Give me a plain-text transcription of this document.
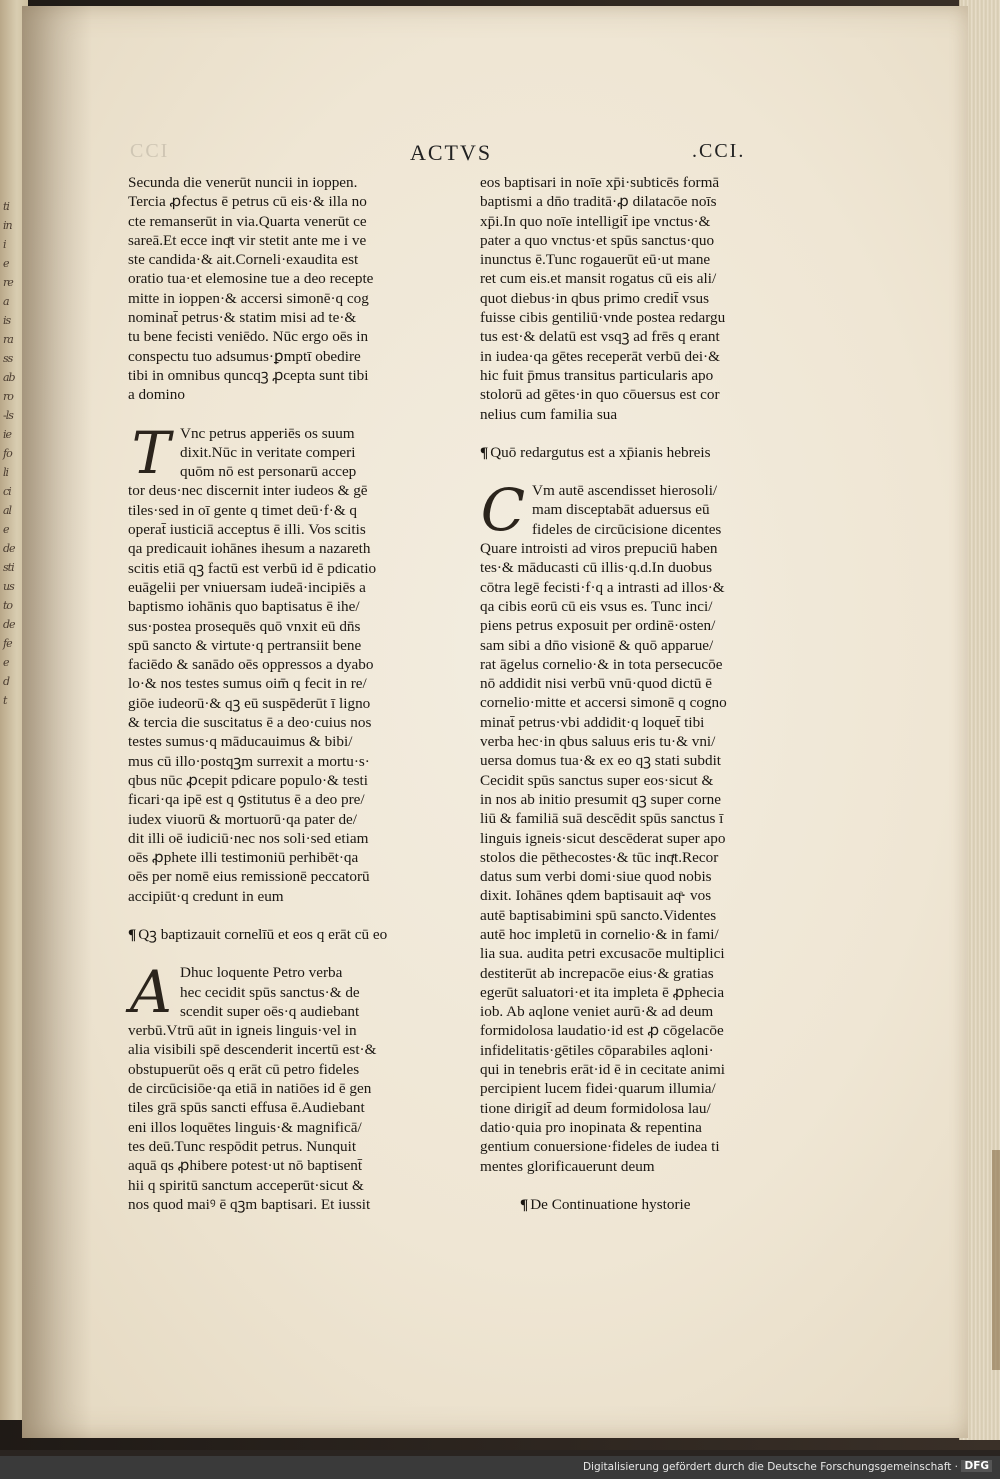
ti
in
i
e
re
a
is
ra
ss
ab
ro
-ls
ie
fo
li
ci
al
e
de
sti
us
to
de
fe
e
d
t
CCI	ACTVS	.CCI.
Secunda die venerūt nuncii in ioppen.
Tercia ꝓfectus ē petrus cū eis·& illa no
cte remanserūt in via.Quarta venerūt ce
sareā.Et ecce inqͬt vir stetit ante me i ve
ste candida·& ait.Corneli·exaudita est
oratio tua·et elemosine tue a deo recepte
mitte in ioppen·& accersi simonē·q cog
nominat̄ petrus·& statim misi ad te·&
tu bene fecisti veniēdo. Nūc ergo oēs in
conspectu tuo adsumus·ꝑmptī obedire
tibi in omnibus quncqꝫ ꝓcepta sunt tibi
a domino
T Vnc petrus apperiēs os suum
dixit.Nūc in veritate comperi
quōm nō est personarū accep
tor deus·nec discernit inter iudeos & gē
tiles·sed in oī gente q timet deū·f·& q
operat̄ iusticiā acceptus ē illi. Vos scitis
qa predicauit iohānes ihesum a nazareth
scitis etiā qꝫ factū est verbū id ē pdicatio
euāgelii per vniuersam iudeā·incipiēs a
baptismo iohānis quo baptisatus ē ihe/
sus·postea prosequēs quō vnxit eū dn̄s
spū sancto & virtute·q pertransiit bene
faciēdo & sanādo oēs oppressos a dyabo
lo·& nos testes sumus oim̄ q fecit in re/
giōe iudeorū·& qꝫ eū suspēderūt ī ligno
& tercia die suscitatus ē a deo·cuius nos
testes sumus·q māducauimus & bibi/
mus cū illo·postqꝫm surrexit a mortu·s·
qbus nūc ꝓcepit pdicare populo·& testi
ficari·qa ipē est q ꝯstitutus ē a deo pre/
iudex viuorū & mortuorū·qa pater de/
dit illi oē iudiciū·nec nos soli·sed etiam
oēs ꝓphete illi testimoniū perhibēt·qa
oēs per nomē eius remissionē peccatorū
accipiūt·q credunt in eum
¶ Qꝫ baptizauit cornelīū et eos q erāt cū eo
A Dhuc loquente Petro verba
hec cecidit spūs sanctus·& de
scendit super oēs·q audiebant
verbū.Vtrū aūt in igneis linguis·vel in
alia visibili spē descenderit incertū est·&
obstupuerūt oēs q erāt cū petro fideles
de circūcisiōe·qa etiā in natiōes id ē gen
tiles grā spūs sancti effusa ē.Audiebant
eni illos loquētes linguis·& magnificā/
tes deū.Tunc respōdit petrus. Nunquit
aquā qs ꝓhibere potest·ut nō baptisent̄
hii q spiritū sanctum acceperūt·sicut &
nos quod maiꝰ ē qꝫm baptisari. Et iussit
eos baptisari in noīe xp̄i·subticēs formā
baptismi a dn̄o traditā·ꝓ dilatacōe noīs
xp̄i.In quo noīe intelligit̄ ipe vnctus·&
pater a quo vnctus·et spūs sanctus·quo
inunctus ē.Tunc rogauerūt eū·ut mane
ret cum eis.et mansit rogatus cū eis ali/
quot diebus·in qbus primo credit̄ vsus
fuisse cibis gentiliū·vnde postea redargu
tus est·& delatū est vsqꝫ ad frēs q erant
in iudea·qa gētes receperāt verbū dei·&
hic fuit p̄mus transitus particularis apo
stolorū ad gētes·in quo cōuersus est cor
nelius cum familia sua
¶ Quō redargutus est a xp̄ianis hebreis
C Vm autē ascendisset hierosoli/
mam disceptabāt aduersus eū
fideles de circūcisione dicentes
Quare introisti ad viros prepuciū haben
tes·& māducasti cū illis·q.d.In duobus
cōtra legē fecisti·f·q a intrasti ad illos·&
qa cibis eorū cū eis vsus es. Tunc inci/
piens petrus exposuit per ordinē·osten/
sam sibi a dn̄o visionē & quō apparue/
rat āgelus cornelio·& in tota persecucōe
nō addidit nisi verbū vnū·quod dictū ē
cornelio·mitte et accersi simonē q cogno
minat̄ petrus·vbi addidit·q loquet̄ tibi
verba hec·in qbus saluus eris tu·& vni/
uersa domus tua·& ex eo qꝫ stati subdit
Cecidit spūs sanctus super eos·sicut &
in nos ab initio presumit qꝫ super corne
liū & familiā suā descēdit spūs sanctus ī
linguis igneis·sicut descēderat super apo
stolos die pēthecostes·& tūc inqͬt.Recor
datus sum verbi domi·siue quod nobis
dixit. Iohānes qdem baptisauit aqͣ· vos
autē baptisabimini spū sancto.Videntes
autē hoc impletū in cornelio·& in fami/
lia sua. audita petri excusacōe multiplici
destiterūt ab increpacōe eius·& gratias
egerūt saluatori·et ita impleta ē ꝓphecia
iob. Ab aqlone veniet aurū·& ad deum
formidolosa laudatio·id est ꝓ cōgelacōe
infidelitatis·gētiles cōparabiles aqloni·
qui in tenebris erāt·id ē in cecitate animi
percipient lucem fidei·quarum illumia/
tione dirigit̄ ad deum formidolosa lau/
datio·quia pro inopinata & repentina
gentium conuersione·fideles de iudea ti
mentes glorificauerunt deum
¶ De Continuatione hystorie
Digitalisierung gefördert durch die Deutsche Forschungsgemeinschaft · DFG
